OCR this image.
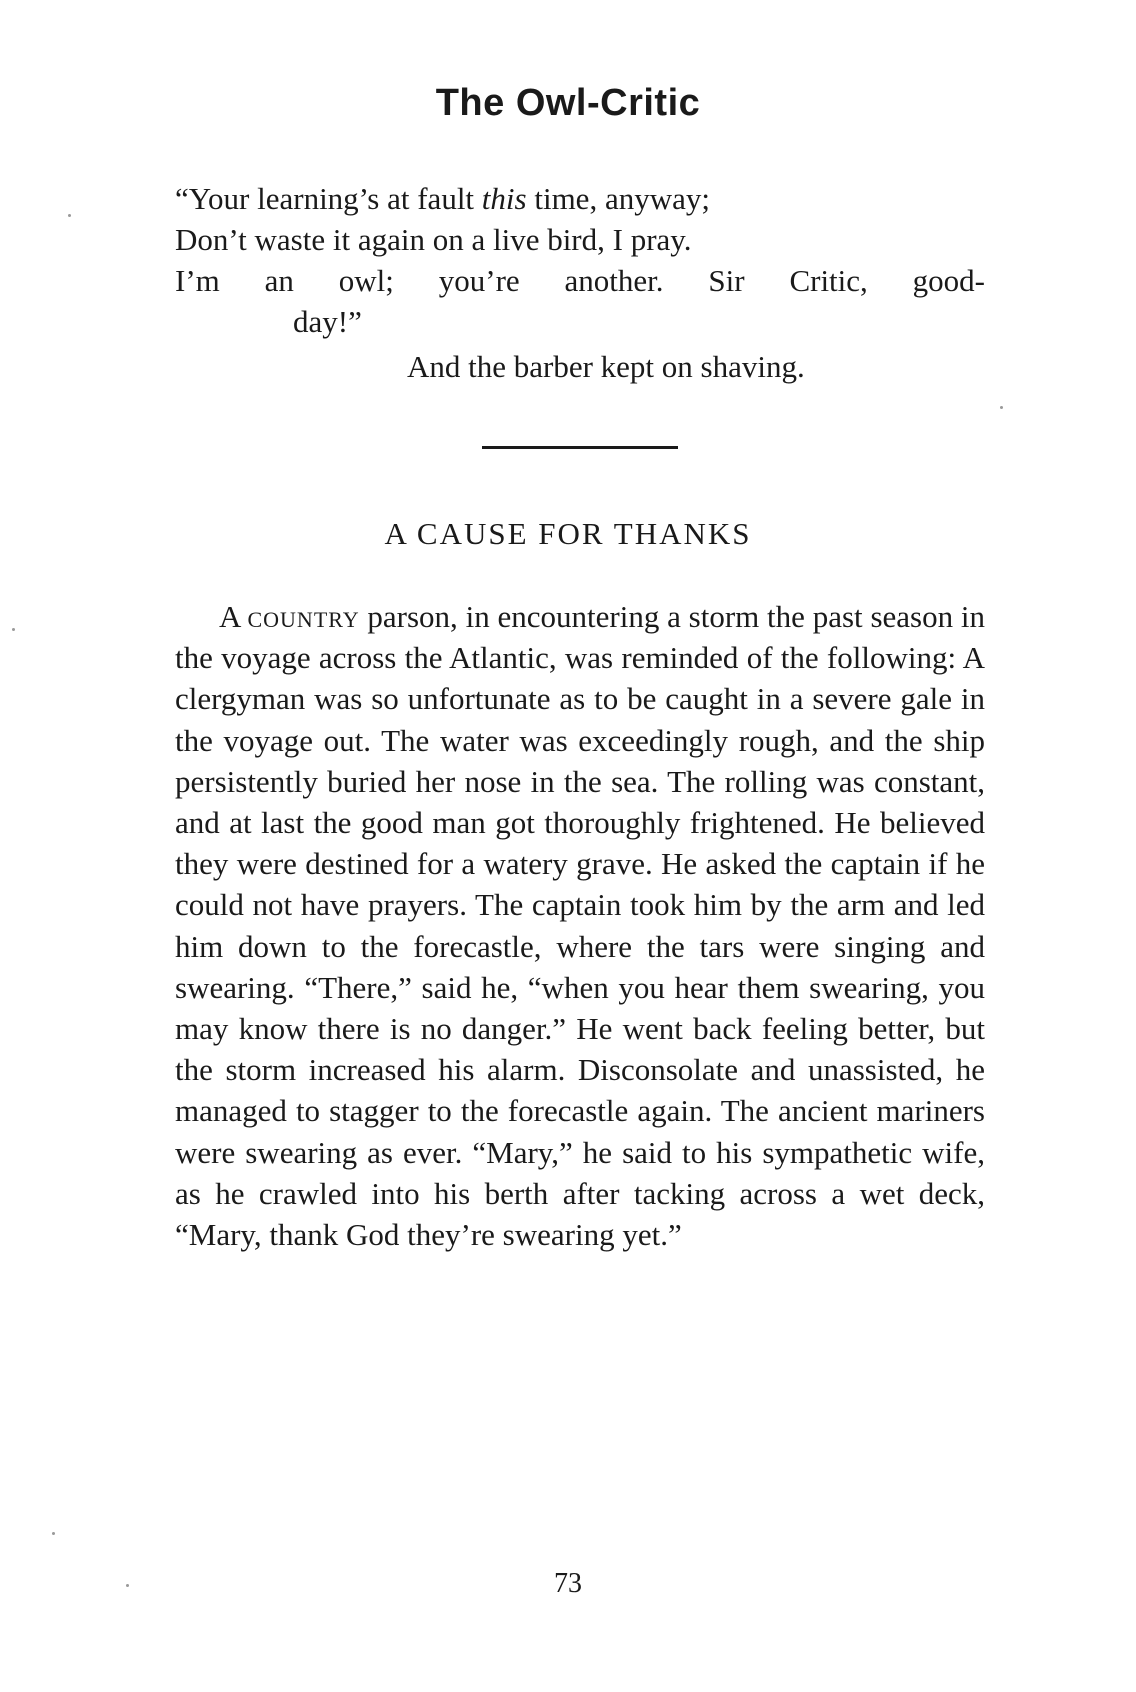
The Owl-Critic
“Your learning’s at fault this time, anyway;
Don’t waste it again on a live bird, I pray.
I’m an owl; you’re another. Sir Critic, good-
day!”
And the barber kept on shaving.
A CAUSE FOR THANKS

A country parson, in encountering a storm the past season in the voyage across the Atlantic, was reminded of the following: A clergyman was so unfortunate as to be caught in a severe gale in the voyage out. The water was exceedingly rough, and the ship persistently buried her nose in the sea. The rolling was constant, and at last the good man got thoroughly frightened. He believed they were destined for a watery grave. He asked the captain if he could not have prayers. The captain took him by the arm and led him down to the forecastle, where the tars were singing and swearing. “There,” said he, “when you hear them swearing, you may know there is no danger.” He went back feeling better, but the storm increased his alarm. Disconsolate and unassisted, he managed to stagger to the forecastle again. The ancient mariners were swearing as ever. “Mary,” he said to his sympathetic wife, as he crawled into his berth after tacking across a wet deck, “Mary, thank God they’re swearing yet.”

73
